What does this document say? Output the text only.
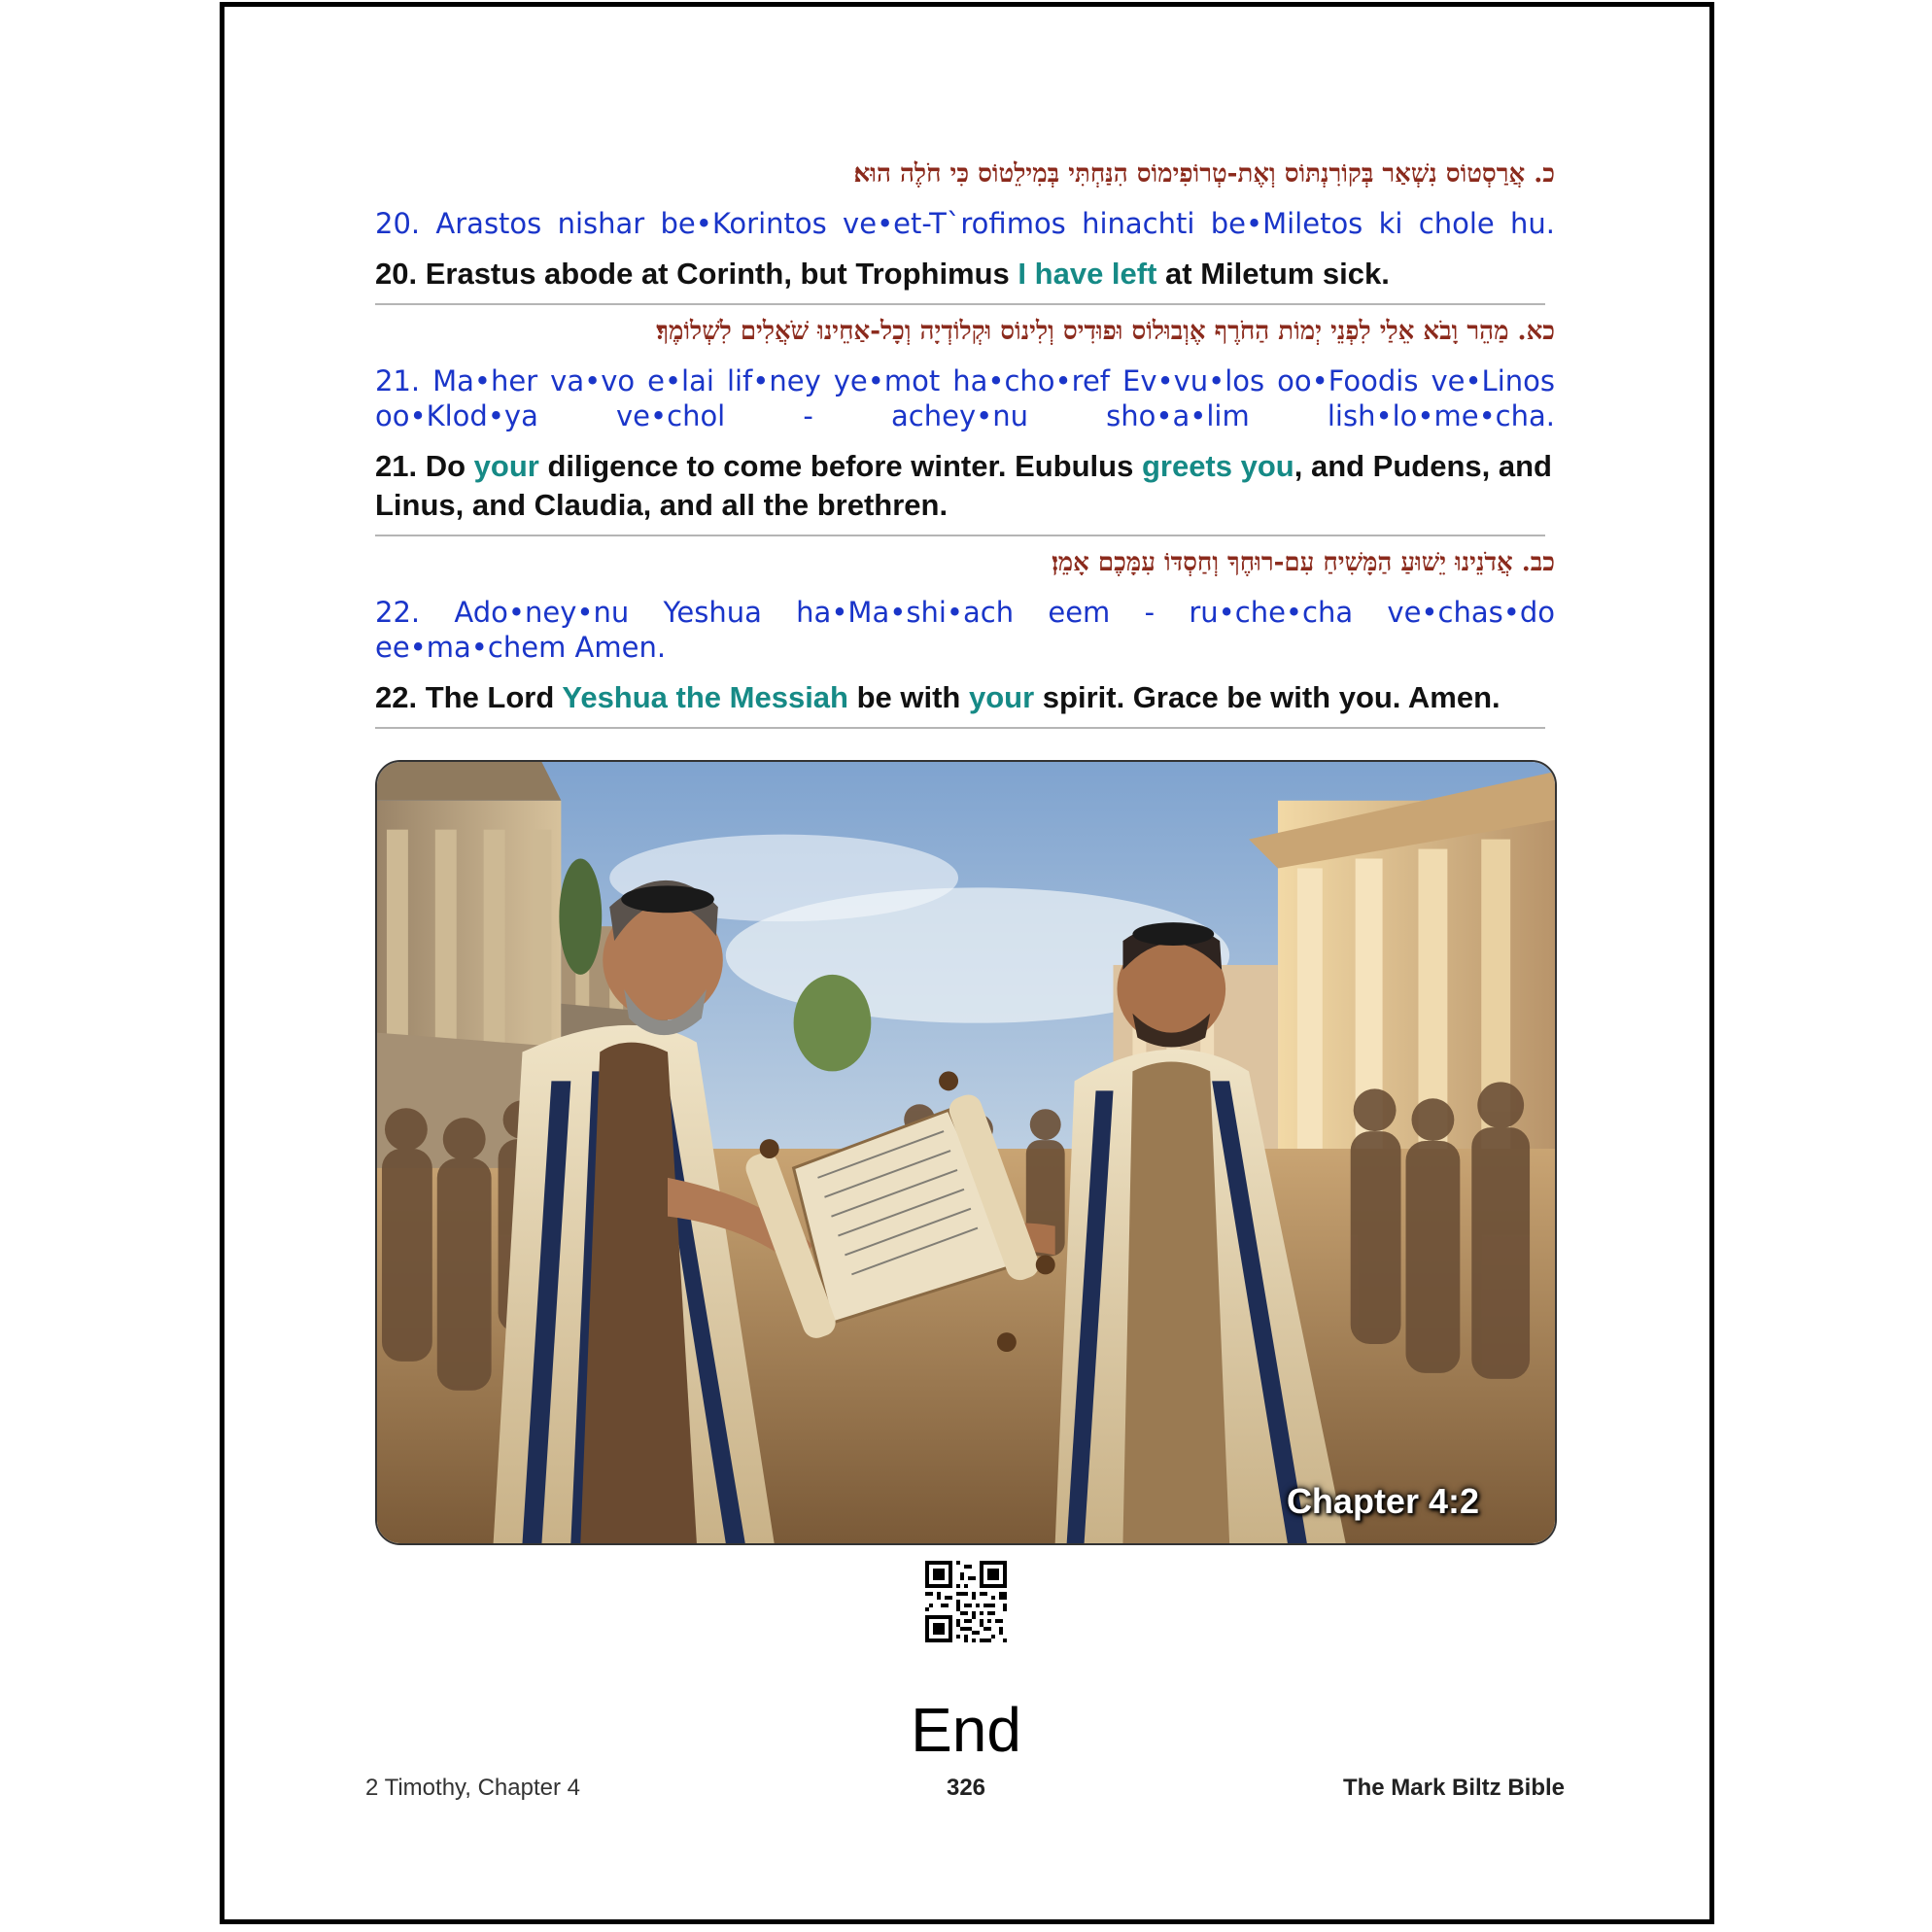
כ. אֲרַסְטוֹס נִשְׁאַר בְּקוֹרִנְתּוֹס וְאֶת-טְרוֹפִימוֹס הִנַּחְתִּי בְּמִילֵטוֹס כִּי חֹלֶה הוּא׃
20. Arastos nishar be•Korintos ve•et-T`rofimos hinachti be•Miletos ki chole hu.
20. Erastus abode at Corinth, but Trophimus I have left at Miletum sick.
כא. מַהֵר וָבֹא אֵלַי לִפְנֵי יְמוֹת הַחֹרֶף אֶוְבוּלוֹס וּפוּדִיס וְלִינוֹס וּקְלוֹדְיָה וְכָל-אַחֵינוּ שֹׁאֲלִים לִשְׁלוֹמֶךָ׃
21. Ma•her va•vo e•lai lif•ney ye•mot ha•cho•ref Ev•vu•los oo•Foodis ve•Linos oo•Klod•ya ve•chol - achey•nu sho•a•lim lish•lo•me•cha.
21. Do your diligence to come before winter. Eubulus greets you, and Pudens, and Linus, and Claudia, and all the brethren.
כב. אֲדֹנֵינוּ יֵשׁוּעַ הַמָּשִׁיחַ עִם-רוּחֶךָ וְחַסְדּוֹ עִמָּכֶם אָמֵן׃
22. Ado•ney•nu Yeshua ha•Ma•shi•ach eem - ru•che•cha ve•chas•do ee•ma•chem Amen.
22. The Lord Yeshua the Messiah be with your spirit. Grace be with you. Amen.
Chapter 4:2
End
2 Timothy, Chapter 4	326	The Mark Biltz Bible
